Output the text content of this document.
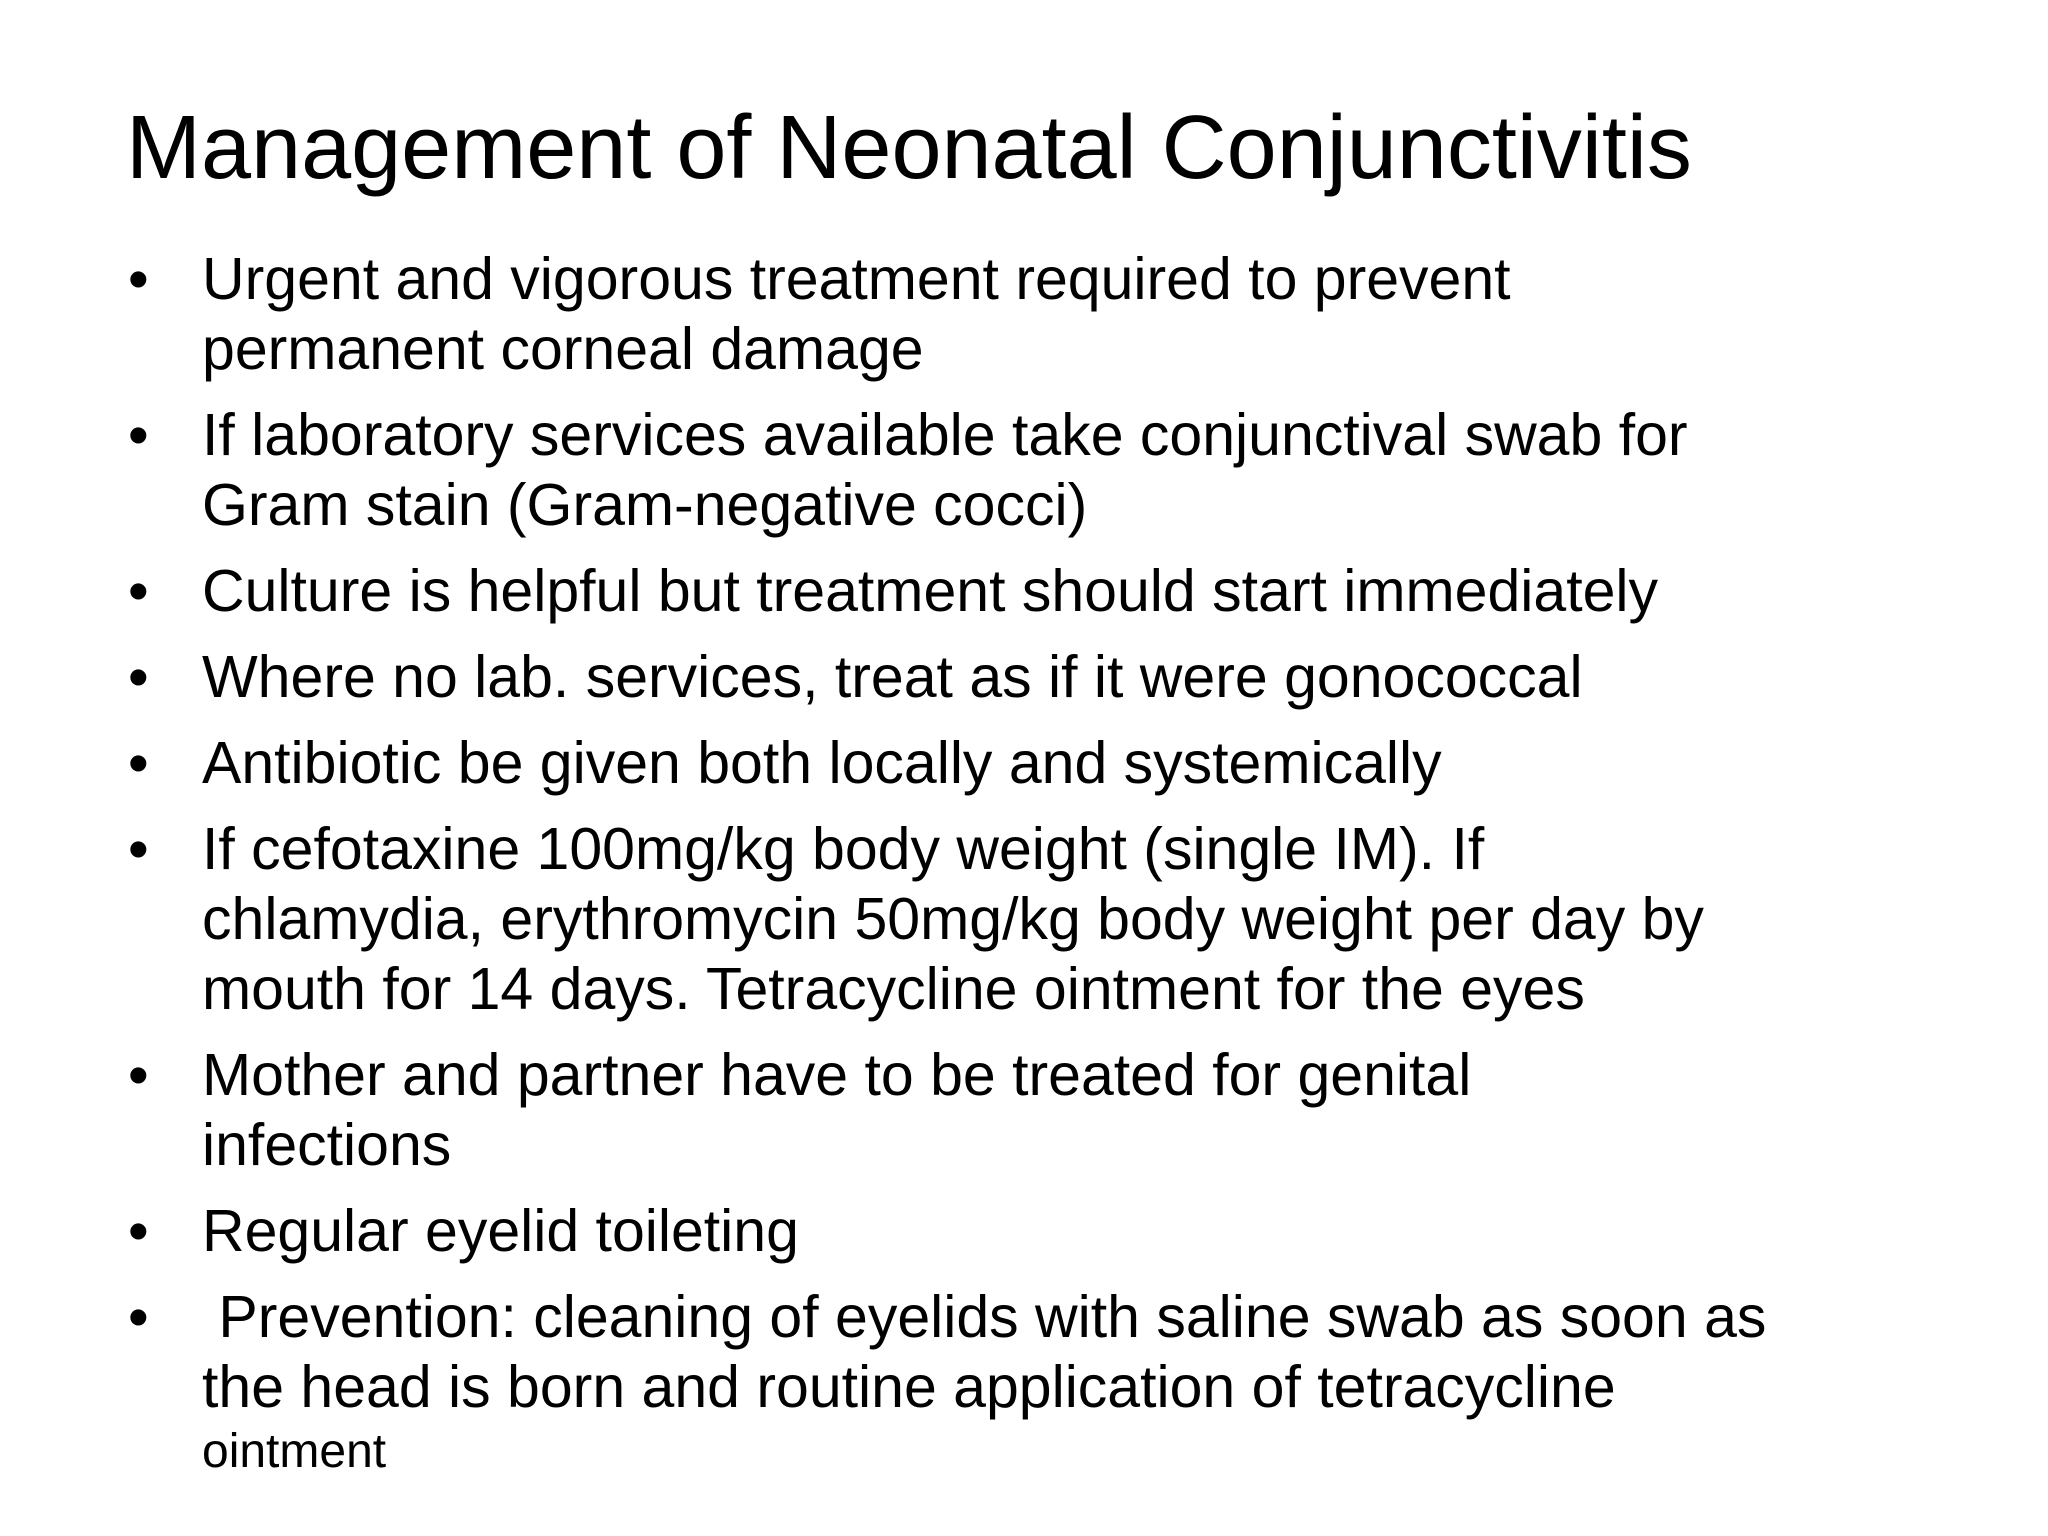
Management of Neonatal Conjunctivitis
• Urgent and vigorous treatment required to prevent
permanent corneal damage
• If laboratory services available take conjunctival swab for
Gram stain (Gram-negative cocci)
• Culture is helpful but treatment should start immediately
• Where no lab. services, treat as if it were gonococcal
• Antibiotic be given both locally and systemically
• If cefotaxine 100mg/kg body weight (single IM). If
chlamydia, erythromycin 50mg/kg body weight per day by
mouth for 14 days. Tetracycline ointment for the eyes
• Mother and partner have to be treated for genital
infections
• Regular eyelid toileting
• Prevention: cleaning of eyelids with saline swab as soon as
the head is born and routine application of tetracycline
ointment
